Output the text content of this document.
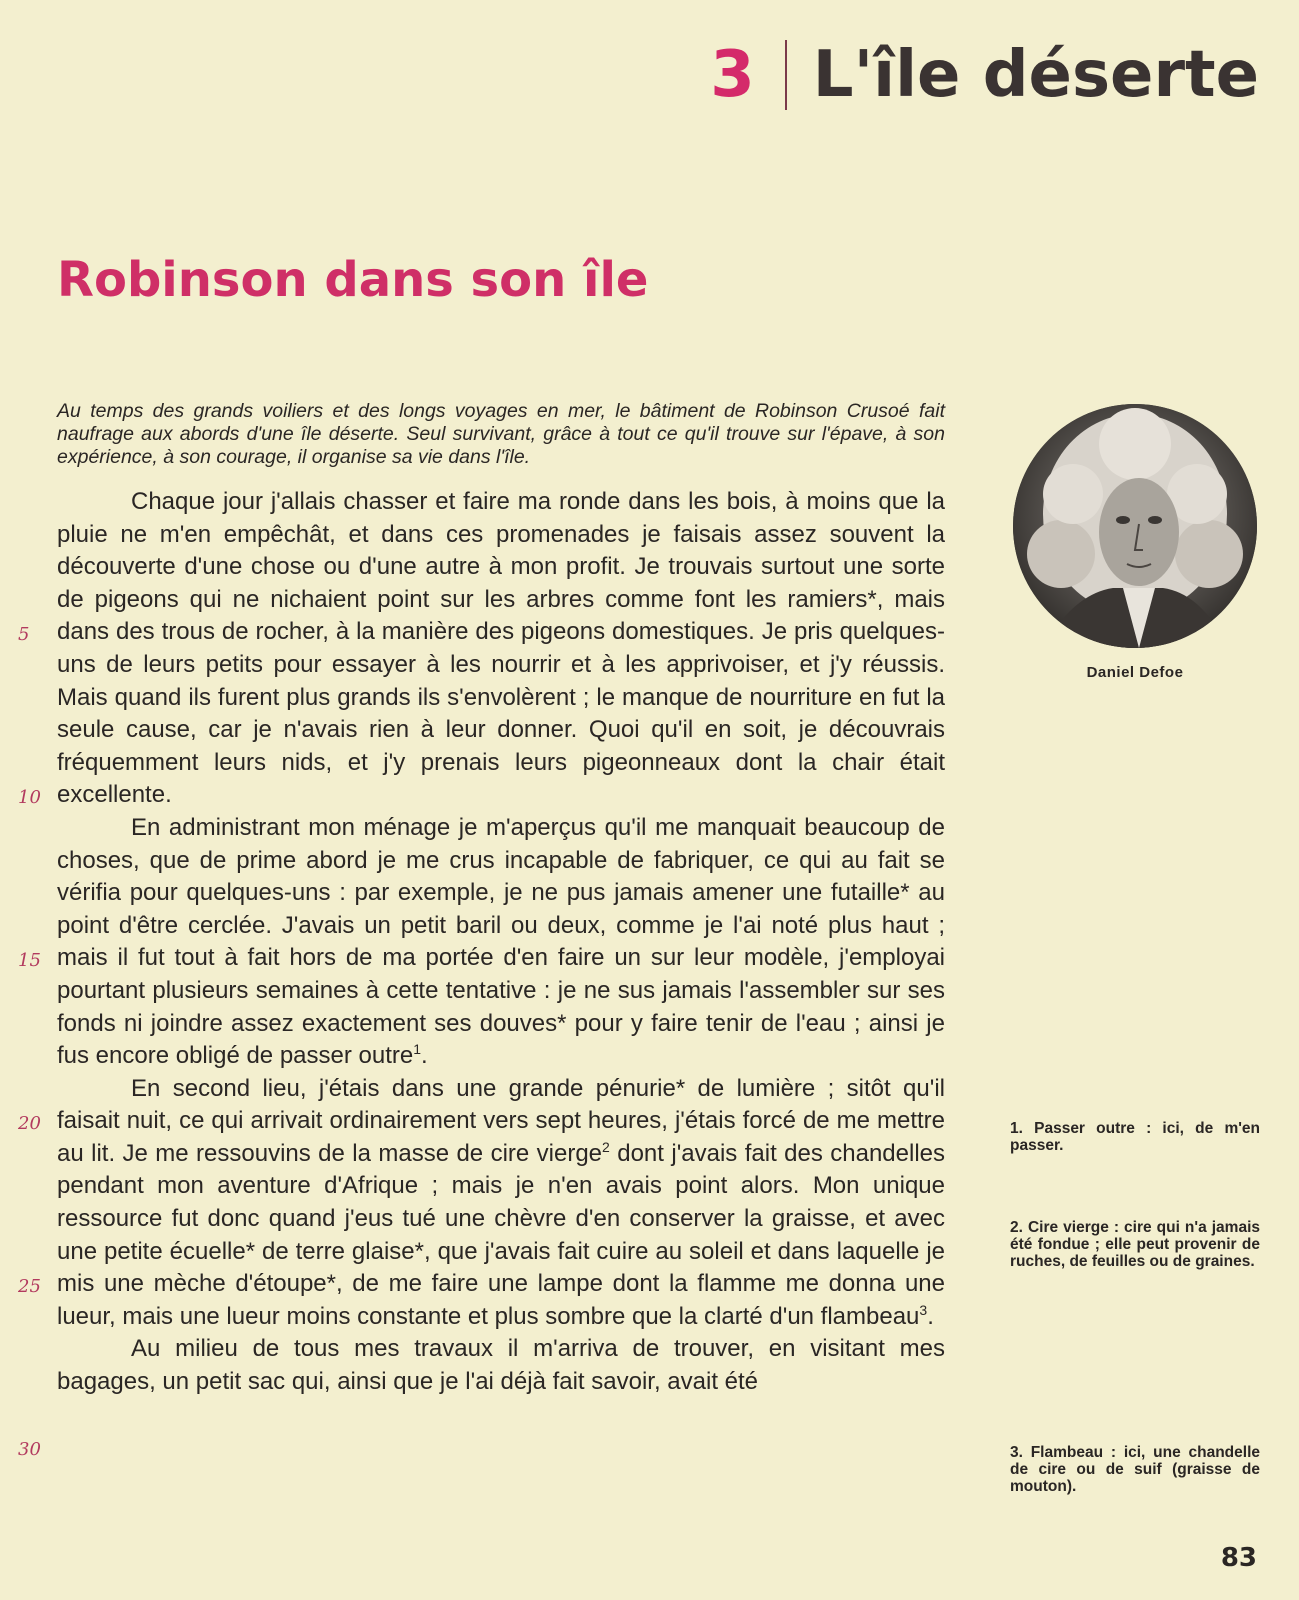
3 L'île déserte
Robinson dans son île

Au temps des grands voiliers et des longs voyages en mer, le bâtiment de Robinson Crusoé fait naufrage aux abords d'une île déserte. Seul survivant, grâce à tout ce qu'il trouve sur l'épave, à son expérience, à son courage, il organise sa vie dans l'île.

Chaque jour j'allais chasser et faire ma ronde dans les bois, à moins que la pluie ne m'en empêchât, et dans ces promenades je faisais assez souvent la découverte d'une chose ou d'une autre à mon profit. Je trouvais surtout une sorte de pigeons qui ne nichaient point sur les arbres comme font les ramiers*, mais dans des trous de rocher, à la manière des pigeons domestiques. Je pris quelques-uns de leurs petits pour essayer à les nourrir et à les apprivoiser, et j'y réussis. Mais quand ils furent plus grands ils s'envolèrent ; le manque de nourriture en fut la seule cause, car je n'avais rien à leur donner. Quoi qu'il en soit, je découvrais fréquemment leurs nids, et j'y prenais leurs pigeonneaux dont la chair était excellente.

En administrant mon ménage je m'aperçus qu'il me manquait beaucoup de choses, que de prime abord je me crus incapable de fabriquer, ce qui au fait se vérifia pour quelques-uns : par exemple, je ne pus jamais amener une futaille* au point d'être cerclée. J'avais un petit baril ou deux, comme je l'ai noté plus haut ; mais il fut tout à fait hors de ma portée d'en faire un sur leur modèle, j'employai pourtant plusieurs semaines à cette tentative : je ne sus jamais l'assembler sur ses fonds ni joindre assez exactement ses douves* pour y faire tenir de l'eau ; ainsi je fus encore obligé de passer outre$^1$.

En second lieu, j'étais dans une grande pénurie* de lumière ; sitôt qu'il faisait nuit, ce qui arrivait ordinairement vers sept heures, j'étais forcé de me mettre au lit. Je me ressouvins de la masse de cire vierge$^2$ dont j'avais fait des chandelles pendant mon aventure d'Afrique ; mais je n'en avais point alors. Mon unique ressource fut donc quand j'eus tué une chèvre d'en conserver la graisse, et avec une petite écuelle* de terre glaise*, que j'avais fait cuire au soleil et dans laquelle je mis une mèche d'étoupe*, de me faire une lampe dont la flamme me donna une lueur, mais une lueur moins constante et plus sombre que la clarté d'un flambeau$^3$.

Au milieu de tous mes travaux il m'arriva de trouver, en visitant mes bagages, un petit sac qui, ainsi que je l'ai déjà fait savoir, avait été

5
10
15
20
25
30
Daniel Defoe

1. Passer outre : ici, de m'en passer.

2. Cire vierge : cire qui n'a jamais été fondue ; elle peut provenir de ruches, de feuilles ou de graines.

3. Flambeau : ici, une chandelle de cire ou de suif (graisse de mouton).

83
